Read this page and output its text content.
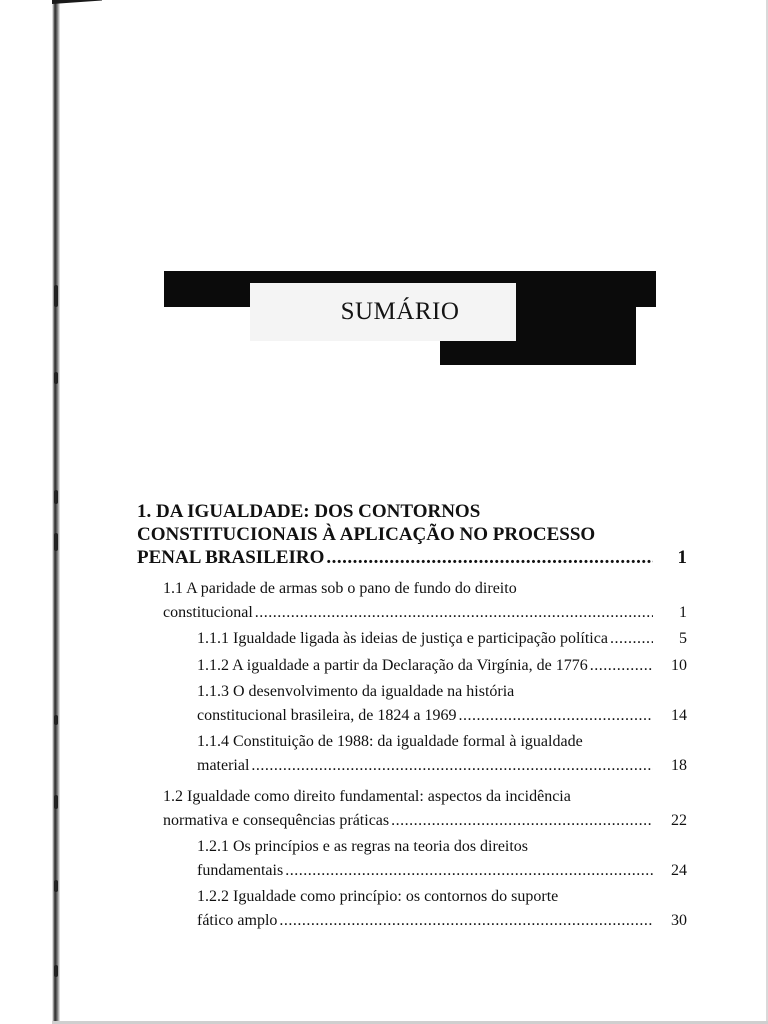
SUMÁRIO
1. DA IGUALDADE: DOS CONTORNOS
CONSTITUCIONAIS À APLICAÇÃO NO PROCESSO
PENAL BRASILEIRO .....	1
1.1 A paridade de armas sob o pano de fundo do direito
constitucional .....	1
1.1.1 Igualdade ligada às ideias de justiça e participação política .....	5
1.1.2 A igualdade a partir da Declaração da Virgínia, de 1776 .....	10
1.1.3 O desenvolvimento da igualdade na história
constitucional brasileira, de 1824 a 1969 .....	14
1.1.4 Constituição de 1988: da igualdade formal à igualdade
material .....	18
1.2 Igualdade como direito fundamental: aspectos da incidência
normativa e consequências práticas .....	22
1.2.1 Os princípios e as regras na teoria dos direitos
fundamentais .....	24
1.2.2 Igualdade como princípio: os contornos do suporte
fático amplo .....	30
